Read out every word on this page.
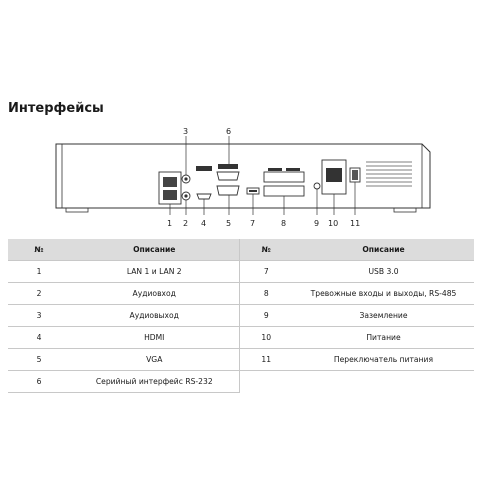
Интерфейсы
3	6
1 2 4 5 7	8	9 10 11
№	Описание	№	Описание
1	LAN 1 и LAN 2	7	USB 3.0
2	Аудиовход	8	Тревожные входы и выходы, RS-485
3	Аудиовыход	9	Заземление
4	HDMI	10	Питание
5	VGA	11	Переключатель питания
6	Серийный интерфейс RS-232		
